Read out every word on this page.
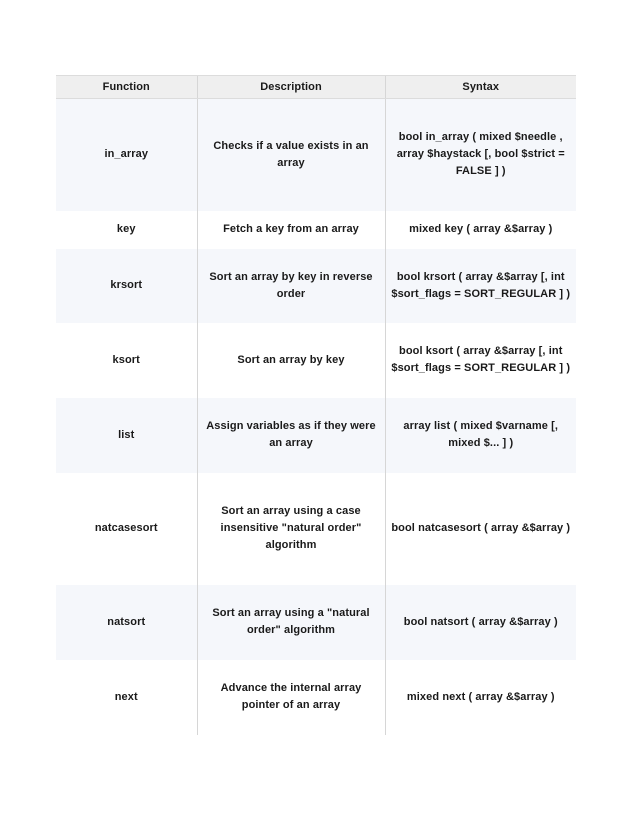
Function	Description	Syntax
in_array	Checks if a value exists in an array	bool in_array ( mixed $needle , array $haystack [, bool $strict = FALSE ] )
key	Fetch a key from an array	mixed key ( array &$array )
krsort	Sort an array by key in reverse order	bool krsort ( array &$array [, int $sort_flags = SORT_REGULAR ] )
ksort	Sort an array by key	bool ksort ( array &$array [, int $sort_flags = SORT_REGULAR ] )
list	Assign variables as if they were an array	array list ( mixed $varname [, mixed $... ] )
natcasesort	Sort an array using a case insensitive "natural order" algorithm	bool natcasesort ( array &$array )
natsort	Sort an array using a "natural order" algorithm	bool natsort ( array &$array )
next	Advance the internal array pointer of an array	mixed next ( array &$array )
